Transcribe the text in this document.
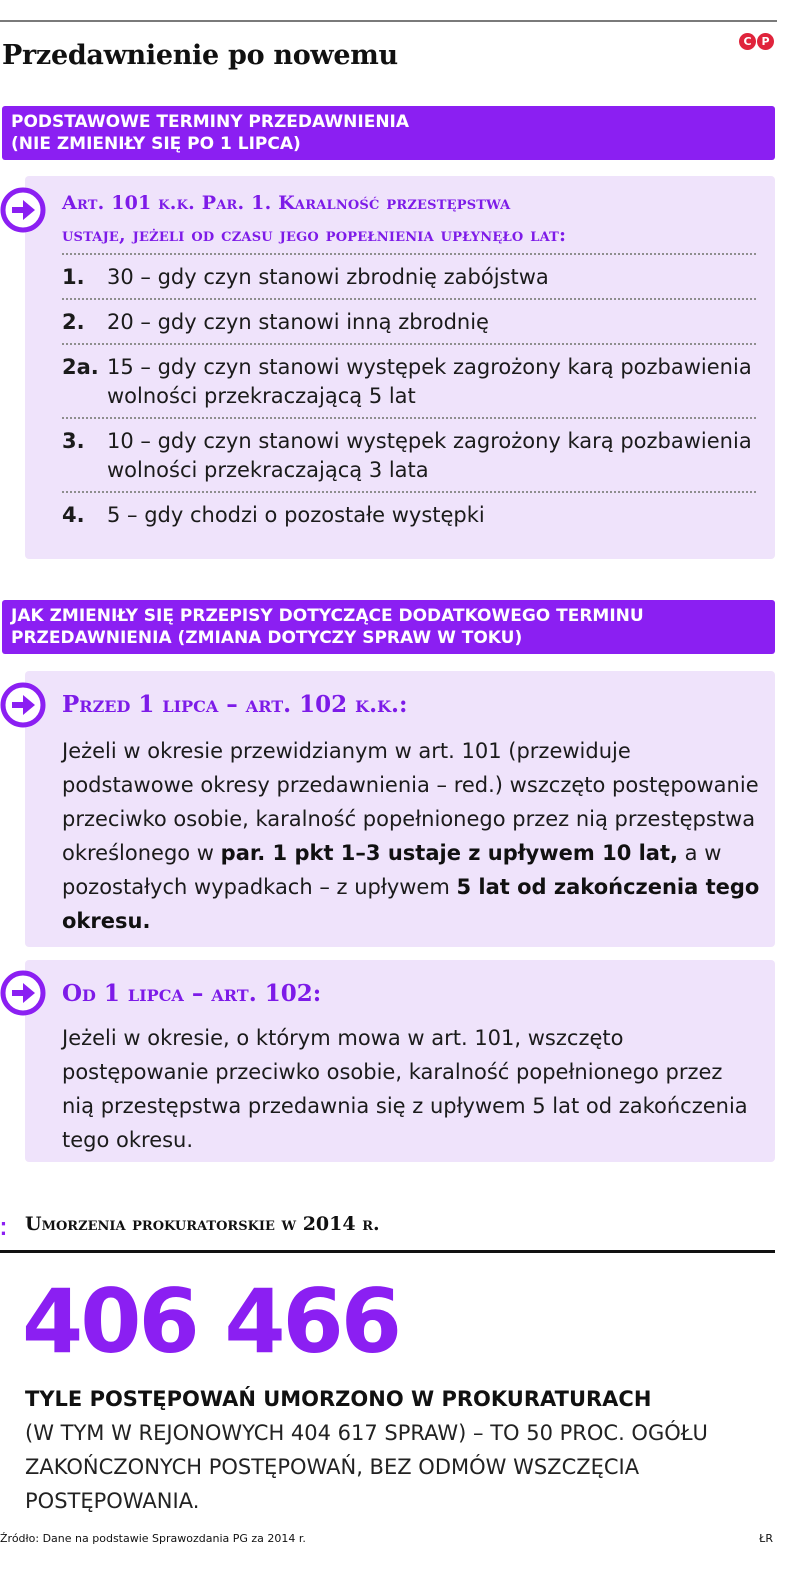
Przedawnienie po nowemu	C P
PODSTAWOWE TERMINY PRZEDAWNIENIA
(NIE ZMIENIŁY SIĘ PO 1 LIPCA)
Art. 101 k.k. Par. 1. Karalność przestępstwa
ustaje, jeżeli od czasu jego popełnienia upłynęło lat:
1. 30 – gdy czyn stanowi zbrodnię zabójstwa
2. 20 – gdy czyn stanowi inną zbrodnię
2a. 15 – gdy czyn stanowi występek zagrożony karą pozbawienia wolności przekraczającą 5 lat
3. 10 – gdy czyn stanowi występek zagrożony karą pozbawienia wolności przekraczającą 3 lata
4. 5 – gdy chodzi o pozostałe występki
JAK ZMIENIŁY SIĘ PRZEPISY DOTYCZĄCE DODATKOWEGO TERMINU
PRZEDAWNIENIA (ZMIANA DOTYCZY SPRAW W TOKU)
Przed 1 lipca – art. 102 k.k.:
Jeżeli w okresie przewidzianym w art. 101 (przewiduje podstawowe okresy przedawnienia – red.) wszczęto postępowanie przeciwko osobie, karalność popełnionego przez nią przestępstwa określonego w par. 1 pkt 1–3 ustaje z upływem 10 lat, a w pozostałych wypadkach – z upływem 5 lat od zakończenia tego okresu.
Od 1 lipca – art. 102:
Jeżeli w okresie, o którym mowa w art. 101, wszczęto postępowanie przeciwko osobie, karalność popełnionego przez nią przestępstwa przedawnia się z upływem 5 lat od zakończenia tego okresu.
⁚ Umorzenia prokuratorskie w 2014 r.
406 466
TYLE POSTĘPOWAŃ UMORZONO W PROKURATURACH
(W TYM W REJONOWYCH 404 617 SPRAW) – TO 50 PROC. OGÓŁU ZAKOŃCZONYCH POSTĘPOWAŃ, BEZ ODMÓW WSZCZĘCIA POSTĘPOWANIA.
Źródło: Dane na podstawie Sprawozdania PG za 2014 r.	ŁR
